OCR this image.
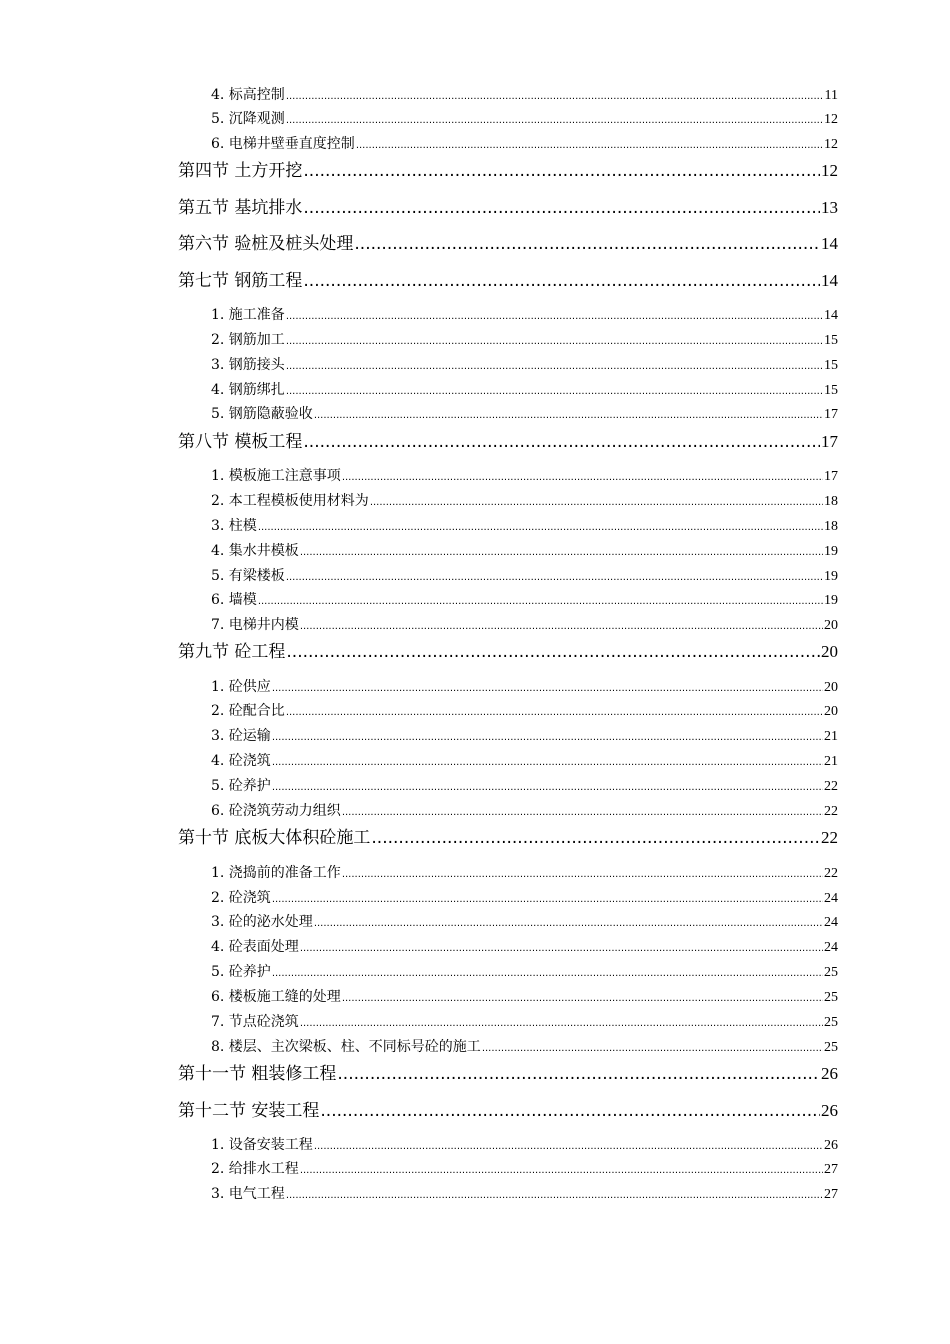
4. 标高控制 .....	11
5. 沉降观测 .....	12
6. 电梯井壁垂直度控制 .....	12
第四节 土方开挖 .....	12
第五节 基坑排水 .....	13
第六节 验桩及桩头处理 .....	14
第七节 钢筋工程 .....	14
1. 施工准备 .....	14
2. 钢筋加工 .....	15
3. 钢筋接头 .....	15
4. 钢筋绑扎 .....	15
5. 钢筋隐蔽验收 .....	17
第八节 模板工程 .....	17
1. 模板施工注意事项 .....	17
2. 本工程模板使用材料为 .....	18
3. 柱模 .....	18
4. 集水井模板 .....	19
5. 有梁楼板 .....	19
6. 墙模 .....	19
7. 电梯井内模 .....	20
第九节 砼工程 .....	20
1. 砼供应 .....	20
2. 砼配合比 .....	20
3. 砼运输 .....	21
4. 砼浇筑 .....	21
5. 砼养护 .....	22
6. 砼浇筑劳动力组织 .....	22
第十节 底板大体积砼施工 .....	22
1. 浇捣前的准备工作 .....	22
2. 砼浇筑 .....	24
3. 砼的泌水处理 .....	24
4. 砼表面处理 .....	24
5. 砼养护 .....	25
6. 楼板施工缝的处理 .....	25
7. 节点砼浇筑 .....	25
8. 楼层、主次梁板、柱、不同标号砼的施工 .....	25
第十一节 粗装修工程 .....	26
第十二节 安装工程 .....	26
1. 设备安装工程 .....	26
2. 给排水工程 .....	27
3. 电气工程 .....	27
